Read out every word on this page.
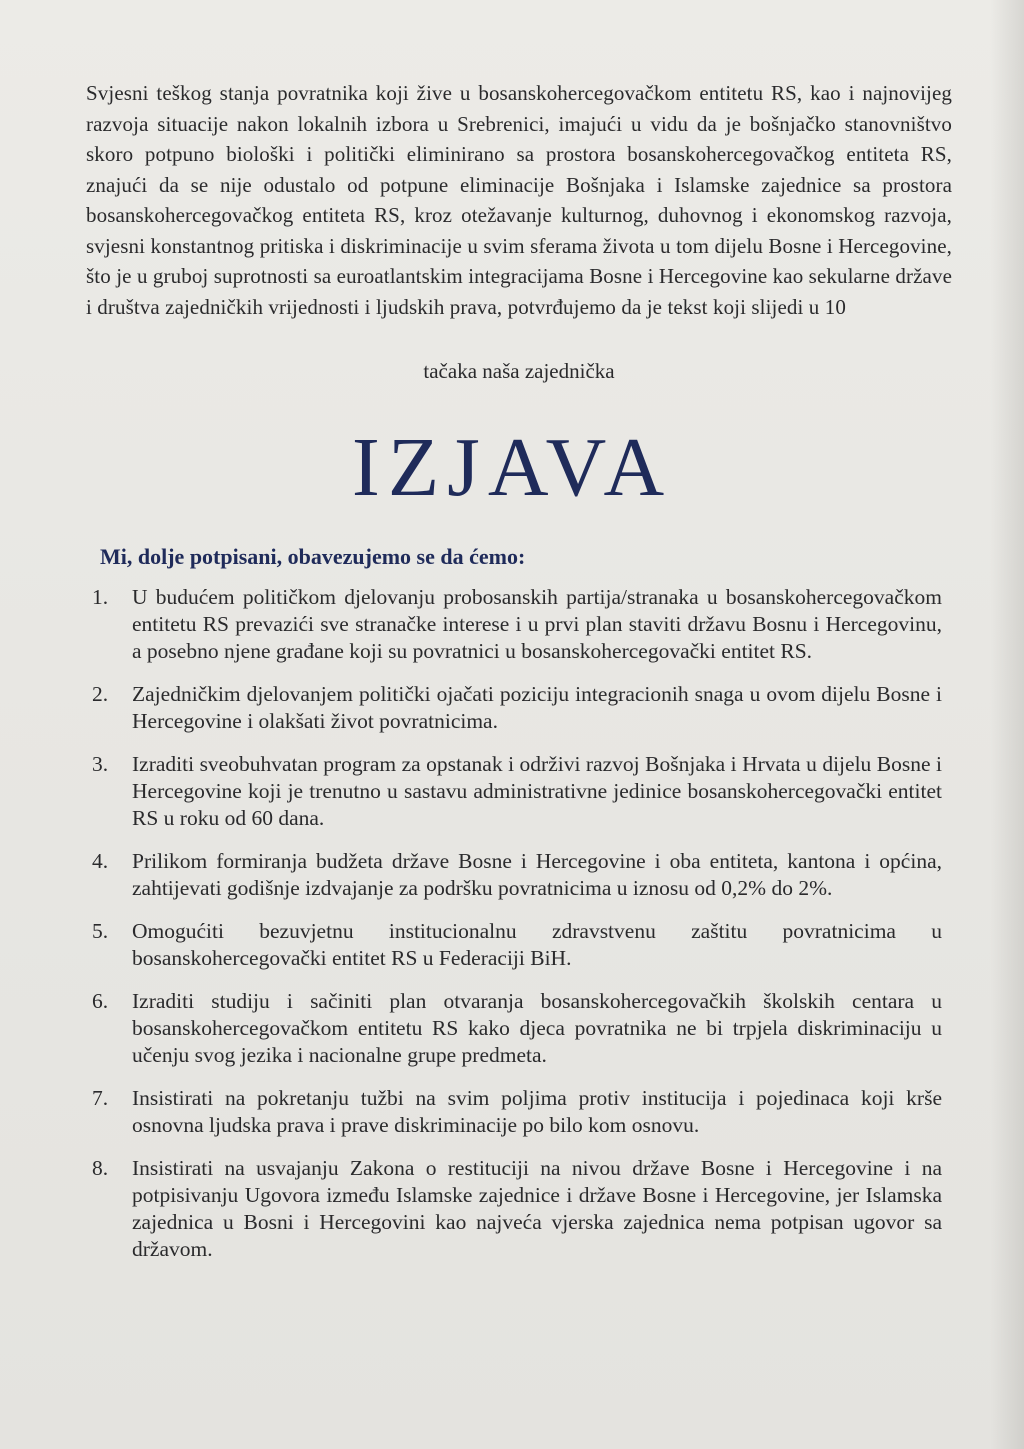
Svjesni teškog stanja povratnika koji žive u bosanskohercegovačkom entitetu RS, kao i najnovijeg razvoja situacije nakon lokalnih izbora u Srebrenici, imajući u vidu da je bošnjačko stanovništvo skoro potpuno biološki i politički eliminirano sa prostora bosanskohercegovačkog entiteta RS, znajući da se nije odustalo od potpune eliminacije Bošnjaka i Islamske zajednice sa prostora bosanskohercegovačkog entiteta RS, kroz otežavanje kulturnog, duhovnog i ekonomskog razvoja, svjesni konstantnog pritiska i diskriminacije u svim sferama života u tom dijelu Bosne i Hercegovine, što je u gruboj suprotnosti sa euroatlantskim integracijama Bosne i Hercegovine kao sekularne države i društva zajedničkih vrijednosti i ljudskih prava, potvrđujemo da je tekst koji slijedi u 10
tačaka naša zajednička
IZJAVA
Mi, dolje potpisani, obavezujemo se da ćemo:
1.	U budućem političkom djelovanju probosanskih partija/stranaka u bosanskohercegovačkom entitetu RS prevazići sve stranačke interese i u prvi plan staviti državu Bosnu i Hercegovinu, a posebno njene građane koji su povratnici u bosanskohercegovački entitet RS.
2.	Zajedničkim djelovanjem politički ojačati poziciju integracionih snaga u ovom dijelu Bosne i Hercegovine i olakšati život povratnicima.
3.	Izraditi sveobuhvatan program za opstanak i održivi razvoj Bošnjaka i Hrvata u dijelu Bosne i Hercegovine koji je trenutno u sastavu administrativne jedinice bosanskohercegovački entitet RS u roku od 60 dana.
4.	Prilikom formiranja budžeta države Bosne i Hercegovine i oba entiteta, kantona i općina, zahtijevati godišnje izdvajanje za podršku povratnicima u iznosu od 0,2% do 2%.
5.	Omogućiti bezuvjetnu institucionalnu zdravstvenu zaštitu povratnicima u bosanskohercegovački entitet RS u Federaciji BiH.
6.	Izraditi studiju i sačiniti plan otvaranja bosanskohercegovačkih školskih centara u bosanskohercegovačkom entitetu RS kako djeca povratnika ne bi trpjela diskriminaciju u učenju svog jezika i nacionalne grupe predmeta.
7.	Insistirati na pokretanju tužbi na svim poljima protiv institucija i pojedinaca koji krše osnovna ljudska prava i prave diskriminacije po bilo kom osnovu.
8.	Insistirati na usvajanju Zakona o restituciji na nivou države Bosne i Hercegovine i na potpisivanju Ugovora između Islamske zajednice i države Bosne i Hercegovine, jer Islamska zajednica u Bosni i Hercegovini kao najveća vjerska zajednica nema potpisan ugovor sa državom.
